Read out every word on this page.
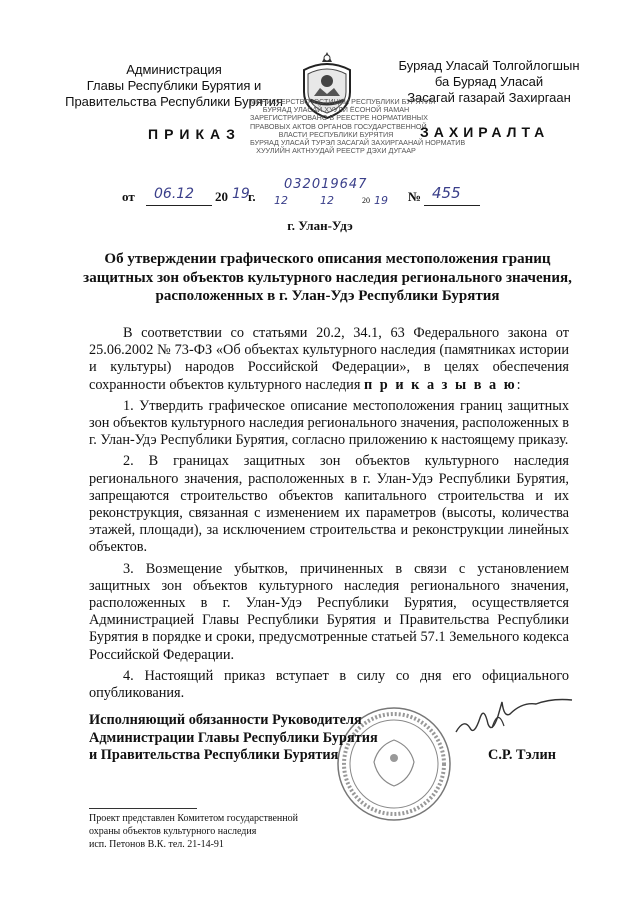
Администрация
Главы Республики Бурятия и
Правительства Республики Бурятия
Буряад Уласай Толгойлогшын
ба Буряад Уласай
Засагай газарай Захиргаан
МИНИСТЕРСТВО ЮСТИЦИИ РЕСПУБЛИКИ БУРЯТИЯ
БУРЯАД УЛАСАЙ ХУУЛИ ЁСОНОЙ ЯАМАН
ЗАРЕГИСТРИРОВАНО В РЕЕСТРЕ НОРМАТИВНЫХ
ПРАВОВЫХ АКТОВ ОРГАНОВ ГОСУДАРСТВЕННОЙ
ВЛАСТИ РЕСПУБЛИКИ БУРЯТИЯ
БУРЯАД УЛАСАЙ ТУРЭЛ ЗАСАГАЙ ЗАХИРГААНАЙ НОРМАТИВ
ХУУЛИЙН АКТНУУДАЙ РЕЕСТР ДЭХИ ДУГААР
ПРИКАЗ	ЗАХИРАЛТА
от 06.12 20 19
г.
032019647
12	12	20 19 № 455
г. Улан-Удэ
Об утверждении графического описания местоположения границ защитных зон объектов культурного наследия регионального значения, расположенных в г. Улан-Удэ Республики Бурятия

В соответствии со статьями 20.2, 34.1, 63 Федерального закона от 25.06.2002 № 73-ФЗ «Об объектах культурного наследия (памятниках истории и культуры) народов Российской Федерации», в целях обеспечения сохранности объектов культурного наследия п р и к а з ы в а ю:

1. Утвердить графическое описание местоположения границ защитных зон объектов культурного наследия регионального значения, расположенных в г. Улан-Удэ Республики Бурятия, согласно приложению к настоящему приказу.

2. В границах защитных зон объектов культурного наследия регионального значения, расположенных в г. Улан-Удэ Республики Бурятия, запрещаются строительство объектов капитального строительства и их реконструкция, связанная с изменением их параметров (высоты, количества этажей, площади), за исключением строительства и реконструкции линейных объектов.

3. Возмещение убытков, причиненных в связи с установлением защитных зон объектов культурного наследия регионального значения, расположенных в г. Улан-Удэ Республики Бурятия, осуществляется Администрацией Главы Республики Бурятия и Правительства Республики Бурятия в порядке и сроки, предусмотренные статьей 57.1 Земельного кодекса Российской Федерации.

4. Настоящий приказ вступает в силу со дня его официального опубликования.

Исполняющий обязанности Руководителя
Администрации Главы Республики Бурятия
и Правительства Республики Бурятия	С.Р. Тэлин
Проект представлен Комитетом государственной
охраны объектов культурного наследия
исп. Петонов В.К. тел. 21-14-91
